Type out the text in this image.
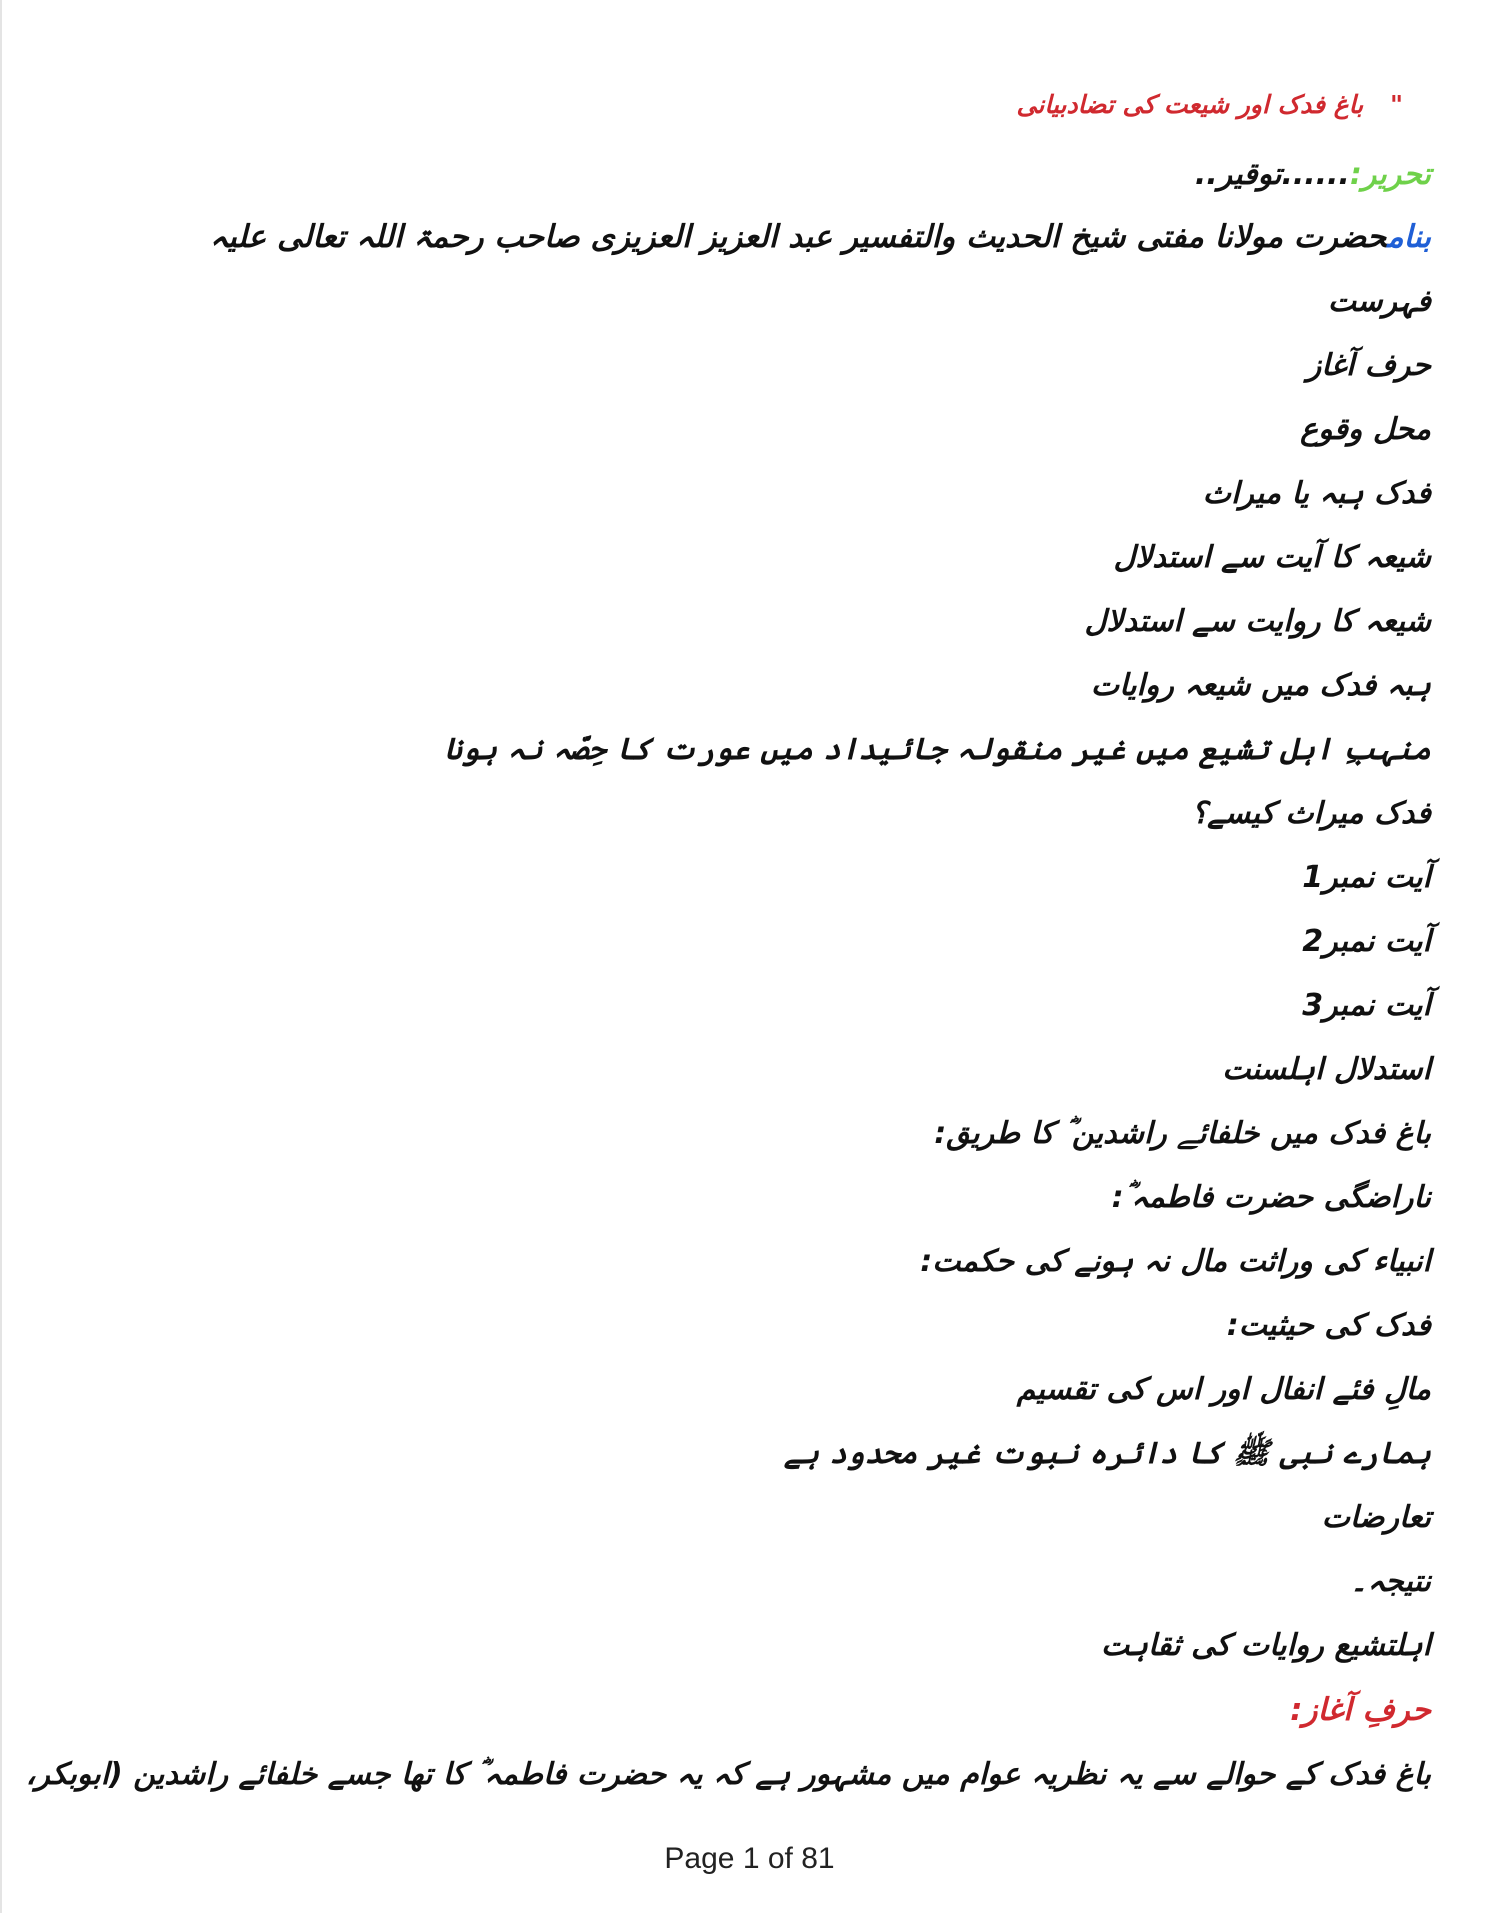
" باغ فدک اور شیعت کی تضادبیانی
تحریر:......توقیر..
بنامحضرت مولانا مفتی شیخ الحدیث والتفسیر عبد العزیز العزیزی صاحب رحمۃ اللہ تعالی علیہ
فہرست
حرف آغاز
محل وقوع
فدک ہبہ یا میراث
شیعہ کا آیت سے استدلال
شیعہ کا روایت سے استدلال
ہبہ فدک میں شیعہ روایات
منہبِ اہل تشیع میں غیر منقولہ جائیداد میں عورت کا حِصّہ نہ ہونا
فدک میراث کیسے؟
آیت نمبر1
آیت نمبر2
آیت نمبر3
استدلال اہلسنت
باغ فدک میں خلفائے راشدین ؓ کا طریق:
ناراضگی حضرت فاطمہ ؓ:
انبیاء کی وراثت مال نہ ہونے کی حکمت:
فدک کی حیثیت:
مالِ فئے انفال اور اس کی تقسیم
ہمارے نبی ﷺ کا دائرہ نبوت غیر محدود ہے
تعارضات
نتیجہ۔
اہلتشیع روایات کی ثقاہت
حرفِ آغاز:
باغ فدک کے حوالے سے یہ نظریہ عوام میں مشہور ہے کہ یہ حضرت فاطمہ ؓ کا تھا جسے خلفائے راشدین (ابوبکر،
Page 1 of 81
